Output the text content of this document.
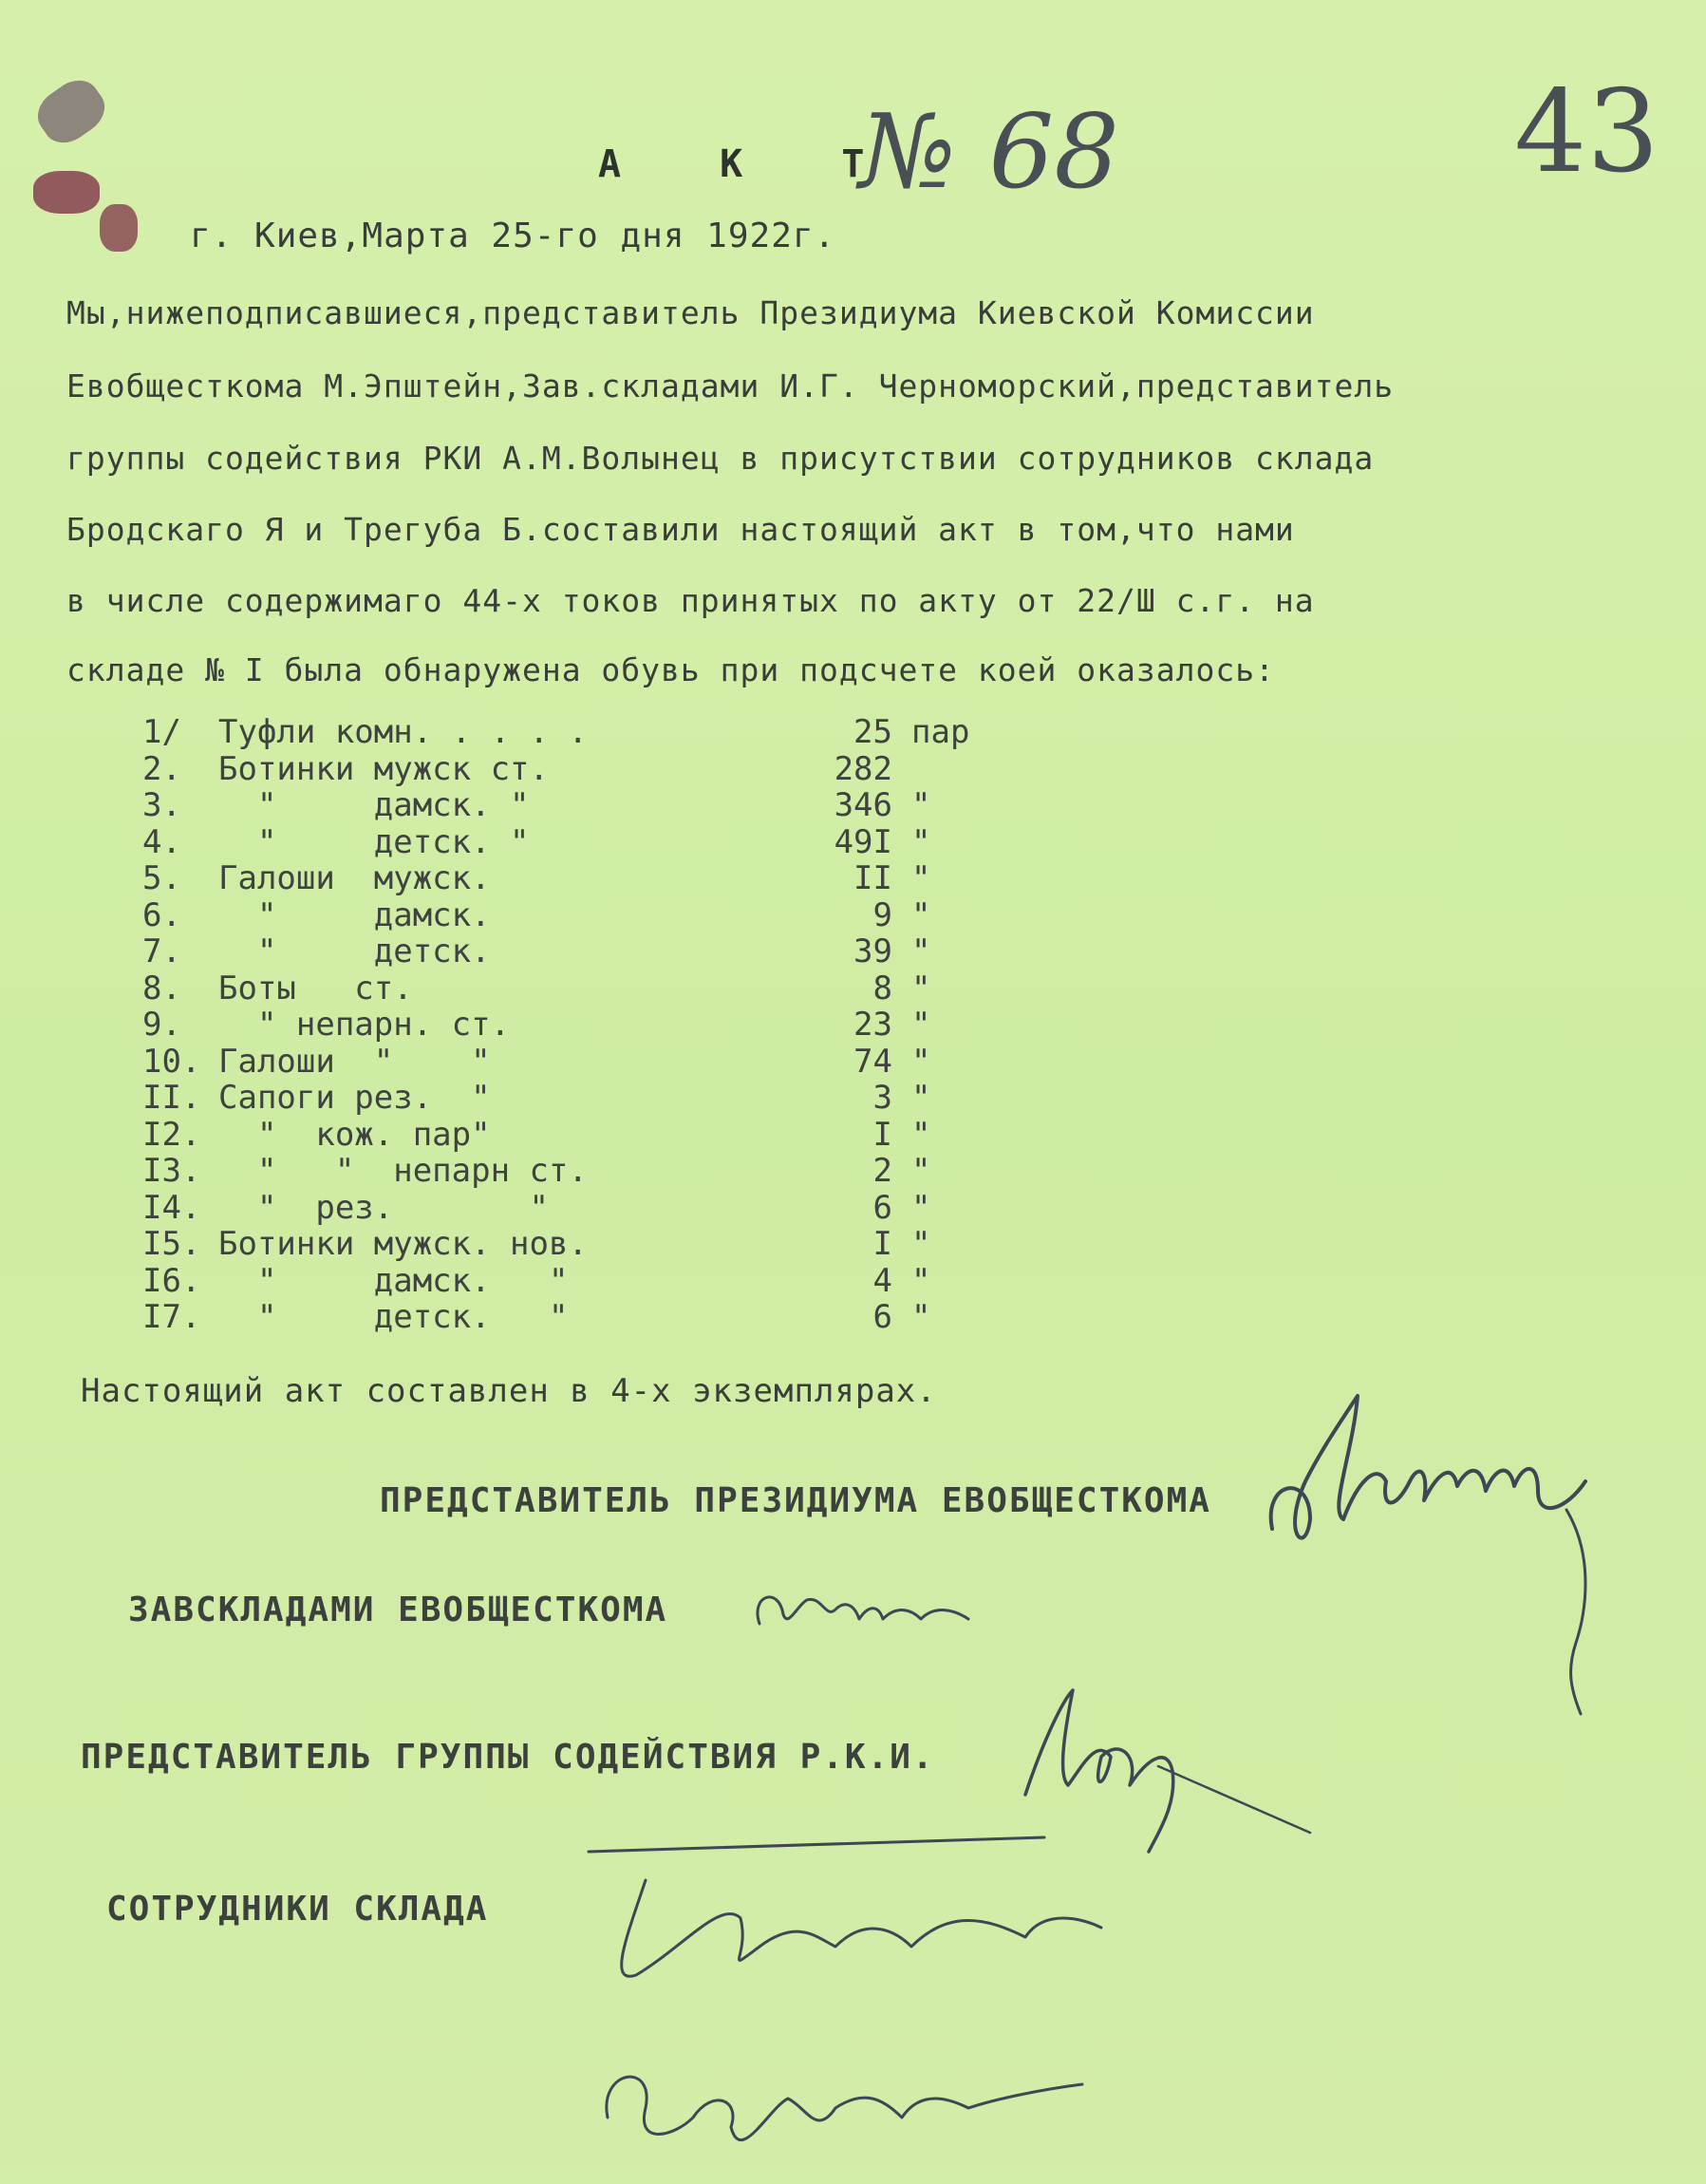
А К Т
№ 68	43
г. Киев,Марта 25-го дня 1922г.
Мы,нижеподписавшиеся,представитель Президиума Киевской Комиссии
Евобщесткома М.Эпштейн,Зав.складами И.Г. Черноморский,представитель
группы содействия РКИ А.М.Волынец в присутствии сотрудников склада
Бродскаго Я и Трегуба Б.составили настоящий акт в том,что нами
в числе содержимаго 44-х токов принятых по акту от 22/Ш с.г. на
складе № I была обнаружена обувь при подсчете коей оказалось:
1/	Туфли комн. . . . .	25 пар
2.	Ботинки мужск ст.	282
3.	"     дамск. "	346 "
4.	"     детск. "	49I "
5.	Галоши  мужск.	II "
6.	"     дамск.	9 "
7.	"     детск.	39 "
8.	Боты   ст.	8 "
9.	" непарн. ст.	23 "
10. Галоши  "    "	74 "
II. Сапоги рез.  "	3 "
I2. "  кож. пар"	I "
I3. "   "  непарн ст.	2 "
I4. "  рез.       "	6 "
I5. Ботинки мужск. нов.	I "
I6. "     дамск.   "	4 "
I7. "     детск.   "	6 "
Настоящий акт составлен в 4-х экземплярах.
ПРЕДСТАВИТЕЛЬ ПРЕЗИДИУМА ЕВОБЩЕСТКОМА
ЗАВСКЛАДАМИ ЕВОБЩЕСТКОМА
ПРЕДСТАВИТЕЛЬ ГРУППЫ СОДЕЙСТВИЯ Р.К.И.
СОТРУДНИКИ СКЛАДА
